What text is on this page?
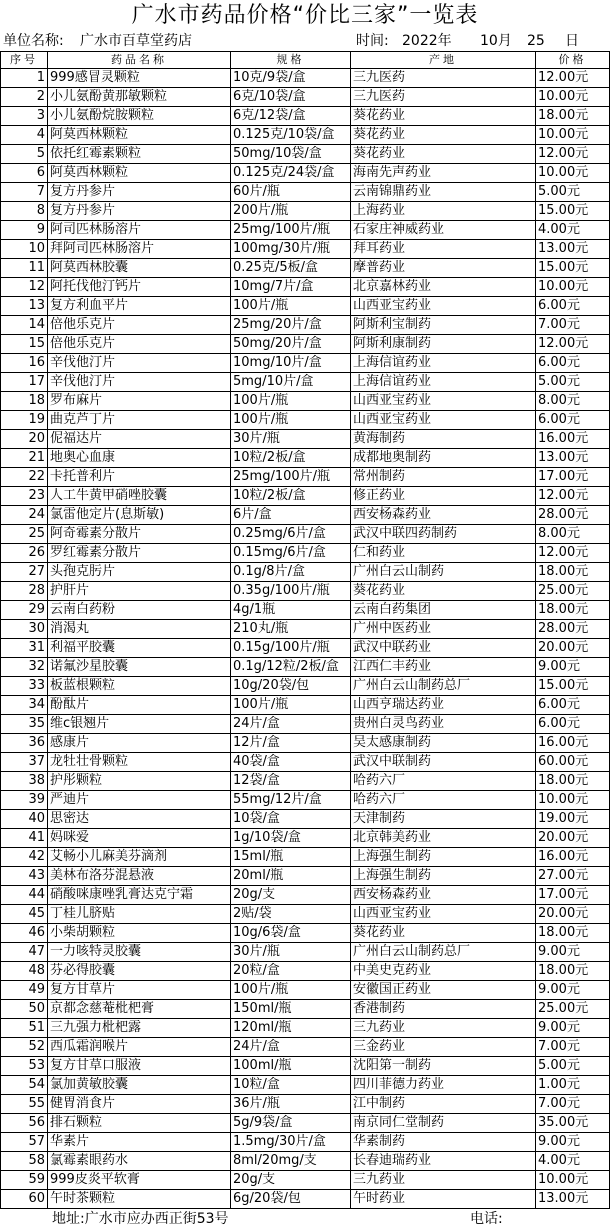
广水市药品价格“价比三家”一览表
单位名称: 广水市百草堂药店	时间: 2022年 10月 25 日
序号	药品名称	规格	产地	价格
1	999感冒灵颗粒	10克/9袋/盒	三九医药	12.00元
2	小儿氨酚黄那敏颗粒	6克/10袋/盒	三九医药	10.00元
3	小儿氨酚烷胺颗粒	6克/12袋/盒	葵花药业	18.00元
4	阿莫西林颗粒	0.125克/10袋/盒	葵花药业	10.00元
5	依托红霉素颗粒	50mg/10袋/盒	葵花药业	12.00元
6	阿莫西林颗粒	0.125克/24袋/盒	海南先声药业	10.00元
7	复方丹参片	60片/瓶	云南锦鼎药业	5.00元
8	复方丹参片	200片/瓶	上海药业	15.00元
9	阿司匹林肠溶片	25mg/100片/瓶	石家庄神威药业	4.00元
10	拜阿司匹林肠溶片	100mg/30片/瓶	拜耳药业	13.00元
11	阿莫西林胶囊	0.25克/5板/盒	摩普药业	15.00元
12	阿托伐他汀钙片	10mg/7片/盒	北京嘉林药业	10.00元
13	复方利血平片	100片/瓶	山西亚宝药业	6.00元
14	倍他乐克片	25mg/20片/盒	阿斯利宝制药	7.00元
15	倍他乐克片	50mg/20片/盒	阿斯利康制药	12.00元
16	辛伐他汀片	10mg/10片/盒	上海信谊药业	6.00元
17	辛伐他汀片	5mg/10片/盒	上海信谊药业	5.00元
18	罗布麻片	100片/瓶	山西亚宝药业	8.00元
19	曲克芦丁片	100片/瓶	山西亚宝药业	6.00元
20	伲福达片	30片/瓶	黄海制药	16.00元
21	地奥心血康	10粒/2板/盒	成都地奥制药	13.00元
22	卡托普利片	25mg/100片/瓶	常州制药	17.00元
23	人工牛黄甲硝唑胶囊	10粒/2板/盒	修正药业	12.00元
24	氯雷他定片(息斯敏)	6片/盒	西安杨森药业	28.00元
25	阿奇霉素分散片	0.25mg/6片/盒	武汉中联四药制药	8.00元
26	罗红霉素分散片	0.15mg/6片/盒	仁和药业	12.00元
27	头孢克肟片	0.1g/8片/盒	广州白云山制药	18.00元
28	护肝片	0.35g/100片/瓶	葵花药业	25.00元
29	云南白药粉	4g/1瓶	云南白药集团	18.00元
30	消渴丸	210丸/瓶	广州中医药业	28.00元
31	利福平胶囊	0.15g/100片/瓶	武汉中联药业	20.00元
32	诺氟沙星胶囊	0.1g/12粒/2板/盒	江西仁丰药业	9.00元
33	板蓝根颗粒	10g/20袋/包	广州白云山制药总厂	15.00元
34	酚酞片	100片/瓶	山西亨瑞达药业	6.00元
35	维c银翘片	24片/盒	贵州白灵鸟药业	6.00元
36	感康片	12片/盒	吴太感康制药	16.00元
37	龙牡壮骨颗粒	40袋/盒	武汉中联制药	60.00元
38	护彤颗粒	12袋/盒	哈药六厂	18.00元
39	严迪片	55mg/12片/盒	哈药六厂	10.00元
40	思密达	10袋/盒	天津制药	19.00元
41	妈咪爱	1g/10袋/盒	北京韩美药业	20.00元
42	艾畅小儿麻美芬滴剂	15ml/瓶	上海强生制药	16.00元
43	美林布洛芬混悬液	20ml/瓶	上海强生制药	27.00元
44	硝酸咪康唑乳膏达克宁霜	20g/支	西安杨森药业	17.00元
45	丁桂儿脐贴	2贴/袋	山西亚宝药业	20.00元
46	小柴胡颗粒	10g/6袋/盒	葵花药业	18.00元
47	一力咳特灵胶囊	30片/瓶	广州白云山制药总厂	9.00元
48	芬必得胶囊	20粒/盒	中美史克药业	18.00元
49	复方甘草片	100片/瓶	安徽国正药业	9.00元
50	京都念慈菴枇杷膏	150ml/瓶	香港制药	25.00元
51	三九强力枇杷露	120ml/瓶	三九药业	9.00元
52	西瓜霜润喉片	24片/盒	三金药业	7.00元
53	复方甘草口服液	100ml/瓶	沈阳第一制药	5.00元
54	氯加黄敏胶囊	10粒/盒	四川菲德力药业	1.00元
55	健胃消食片	36片/瓶	江中制药	7.00元
56	排石颗粒	5g/9袋/盒	南京同仁堂制药	35.00元
57	华素片	1.5mg/30片/盒	华素制药	9.00元
58	氯霉素眼药水	8ml/20mg/支	长春迪瑞药业	4.00元
59	999皮炎平软膏	20g/支	三九药业	10.00元
60	午时茶颗粒	6g/20袋/包	午时药业	13.00元
地址:广水市应办西正街53号	电话:
